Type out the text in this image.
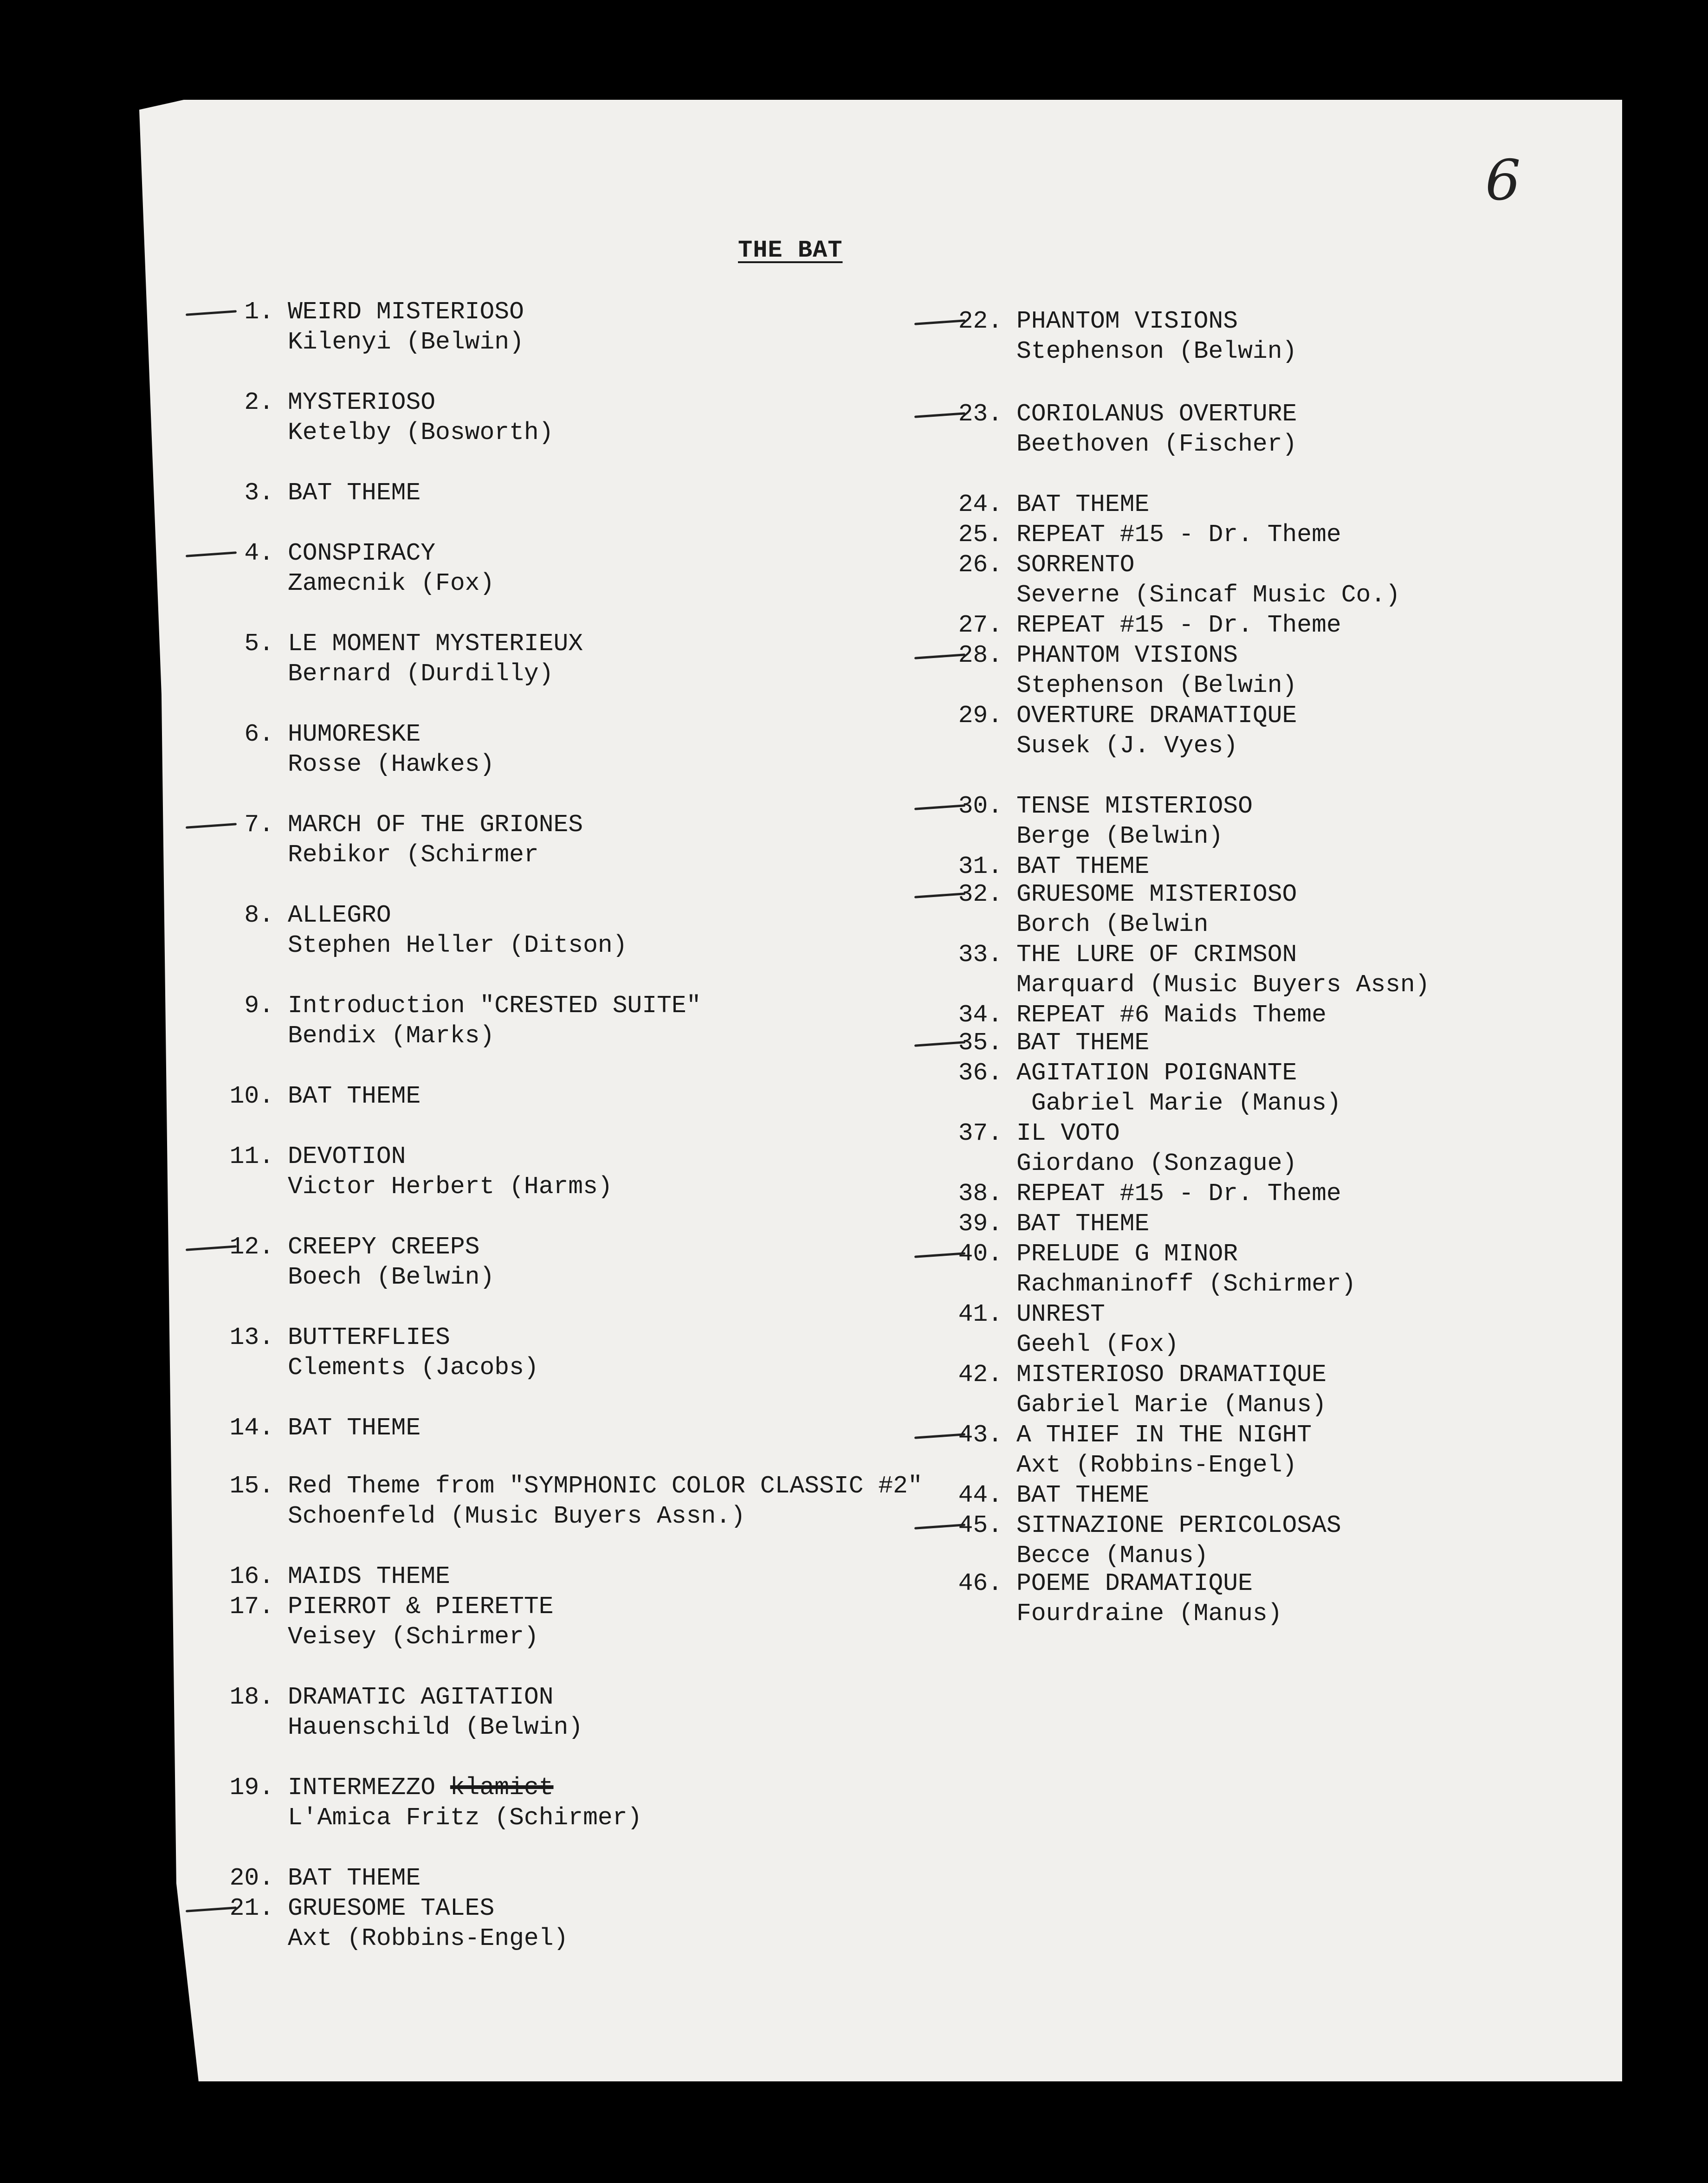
6
THE BAT
1. WEIRD MISTERIOSO
Kilenyi (Belwin)
2. MYSTERIOSO
Ketelby (Bosworth)
3. BAT THEME
4. CONSPIRACY
Zamecnik (Fox)
5. LE MOMENT MYSTERIEUX
Bernard (Durdilly)
6. HUMORESKE
Rosse (Hawkes)
7. MARCH OF THE GRIONES
Rebikor (Schirmer
8. ALLEGRO
Stephen Heller (Ditson)
9. Introduction "CRESTED SUITE"
Bendix (Marks)
10. BAT THEME
11. DEVOTION
Victor Herbert (Harms)
12. CREEPY CREEPS
Boech (Belwin)
13. BUTTERFLIES
Clements (Jacobs)
14. BAT THEME
15. Red Theme from "SYMPHONIC COLOR CLASSIC #2"
Schoenfeld (Music Buyers Assn.)
16. MAIDS THEME
17. PIERROT & PIERETTE
Veisey (Schirmer)
18. DRAMATIC AGITATION
Hauenschild (Belwin)
19. INTERMEZZO klamict
L'Amica Fritz (Schirmer)
20. BAT THEME
21. GRUESOME TALES
Axt (Robbins-Engel)
22. PHANTOM VISIONS
Stephenson (Belwin)
23. CORIOLANUS OVERTURE
Beethoven (Fischer)
24. BAT THEME
25. REPEAT #15 - Dr. Theme
26. SORRENTO
Severne (Sincaf Music Co.)
27. REPEAT #15 - Dr. Theme
28. PHANTOM VISIONS
Stephenson (Belwin)
29. OVERTURE DRAMATIQUE
Susek (J. Vyes)
30. TENSE MISTERIOSO
Berge (Belwin)
31. BAT THEME
32. GRUESOME MISTERIOSO
Borch (Belwin
33. THE LURE OF CRIMSON
Marquard (Music Buyers Assn)
34. REPEAT #6 Maids Theme
35. BAT THEME
36. AGITATION POIGNANTE
Gabriel Marie (Manus)
37. IL VOTO
Giordano (Sonzague)
38. REPEAT #15 - Dr. Theme
39. BAT THEME
40. PRELUDE G MINOR
Rachmaninoff (Schirmer)
41. UNREST
Geehl (Fox)
42. MISTERIOSO DRAMATIQUE
Gabriel Marie (Manus)
43. A THIEF IN THE NIGHT
Axt (Robbins-Engel)
44. BAT THEME
45. SITNAZIONE PERICOLOSAS
Becce (Manus)
46. POEME DRAMATIQUE
Fourdraine (Manus)
